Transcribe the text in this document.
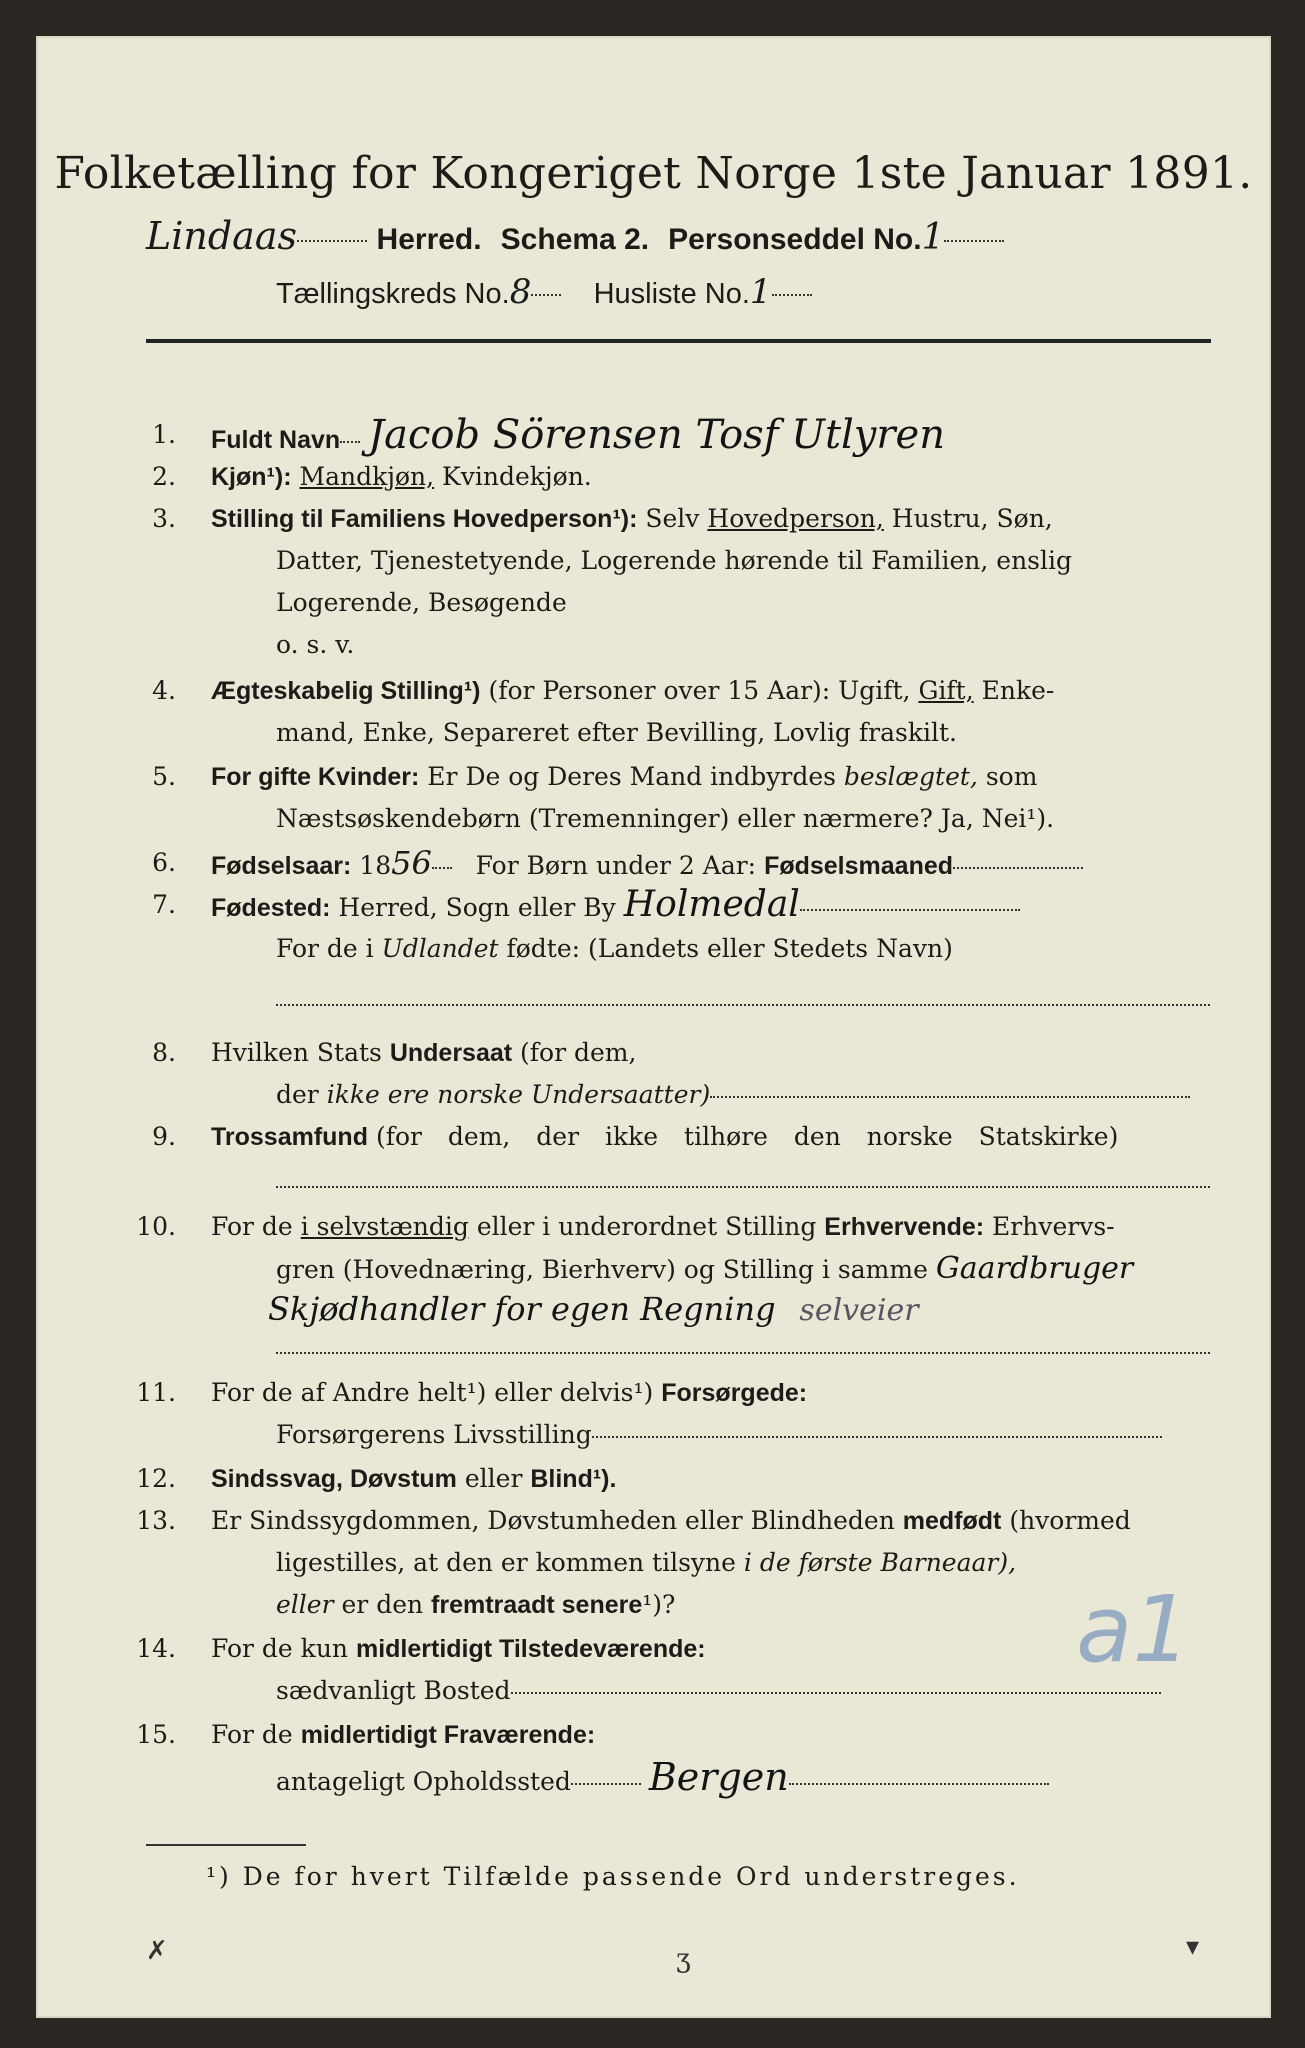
Folketælling for Kongeriget Norge 1ste Januar 1891.
Lindaas	Herred. Schema 2. Personseddel No.1
Tællingskreds No.8 Husliste No.1
1. Fuldt Navn Jacob Sörensen Tosf Utlyren
2. Kjøn¹): Mandkjøn, Kvindekjøn.
3. Stilling til Familiens Hovedperson¹): Selv Hovedperson, Hustru, Søn,
Datter, Tjenestetyende, Logerende hørende til Familien, enslig
Logerende, Besøgende
o. s. v.
4. Ægteskabelig Stilling¹) (for Personer over 15 Aar): Ugift, Gift, Enke-
mand, Enke, Separeret efter Bevilling, Lovlig fraskilt.
5. For gifte Kvinder: Er De og Deres Mand indbyrdes beslægtet, som
Næstsøskendebørn (Tremenninger) eller nærmere? Ja, Nei¹).
6. Fødselsaar: 1856 For Børn under 2 Aar: Fødselsmaaned
7. Fødested: Herred, Sogn eller By Holmedal
For de i Udlandet fødte: (Landets eller Stedets Navn)
8. Hvilken Stats Undersaat (for dem,
der ikke ere norske Undersaatter)
9. Trossamfund (for dem, der ikke tilhøre den norske Statskirke)
10. For de i selvstændig eller i underordnet Stilling Erhvervende: Erhvervs-
gren (Hovednæring, Bierhverv) og Stilling i samme Gaardbruger
Skjødhandler for egen Regning selveier
11. For de af Andre helt¹) eller delvis¹) Forsørgede:
Forsørgerens Livsstilling
12. Sindssvag, Døvstum eller Blind¹).
13. Er Sindssygdommen, Døvstumheden eller Blindheden medfødt (hvormed
ligestilles, at den er kommen tilsyne i de første Barneaar),
eller er den fremtraadt senere¹)?
14. For de kun midlertidigt Tilstedeværende:
sædvanligt Bosted
15. For de midlertidigt Fraværende:
antageligt Opholdssted Bergen
a1
¹) De for hvert Tilfælde passende Ord understreges.
✗	ʒ	▾
